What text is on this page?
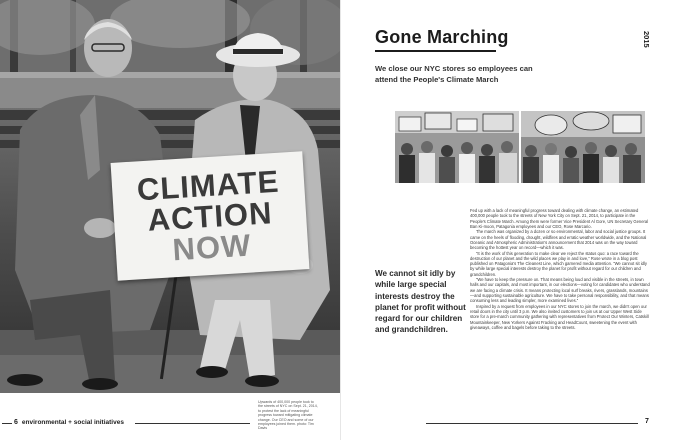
CLIMATE
ACTION
NOW
Upwards of 400,000 people took to the streets of NYC on Sept. 21, 2014, to protest the lack of meaningful progress toward mitigating climate change. Our CEO and some of our employees joined them. photo: Tim Davis
6 environmental + social initiatives
Gone Marching	2015
We close our NYC stores so employees can attend the People's Climate March
We cannot sit idly by while large special interests destroy the planet for profit without regard for our children and grandchildren.

Fed up with a lack of meaningful progress toward dealing with climate change, an estimated 400,000 people took to the streets of New York City on Sept. 21, 2014, to participate in the People's Climate March. Among them were former Vice President Al Gore, UN Secretary General Ban Ki-moon, Patagonia employees and our CEO, Rose Marcario.

The march was organized by a dozen or so environmental, labor and social justice groups. It came on the heels of flooding, drought, wildfires and erratic weather worldwide, and the National Oceanic and Atmospheric Administration's announcement that 2014 was on the way toward becoming the hottest year on record—which it was.

“It is the work of this generation to make clear we reject the status quo: a race toward the destruction of our planet and the wild places we play in and love,” Rose wrote in a blog post published on Patagonia's The Cleanest Line, which garnered media attention. “We cannot sit idly by while large special interests destroy the planet for profit without regard for our children and grandchildren.

“We have to keep the pressure on. That means being loud and visible in the streets, in town halls and our capitals, and most important, in our elections—voting for candidates who understand we are facing a climate crisis. It means protecting local surf breaks, rivers, grasslands, mountains—and supporting sustainable agriculture. We have to take personal responsibility, and that means consuming less and leading simpler, more examined lives.”

Inspired by a request from employees in our NYC stores to join the march, we didn't open our retail doors in the city until 3 p.m. We also invited customers to join us at our Upper West Side store for a pre-march community gathering with representatives from Protect Our Winters, Catskill Mountainkeeper, New Yorkers Against Fracking and HeadCount, sweetening the event with giveaways, coffee and bagels before taking to the streets.

7
